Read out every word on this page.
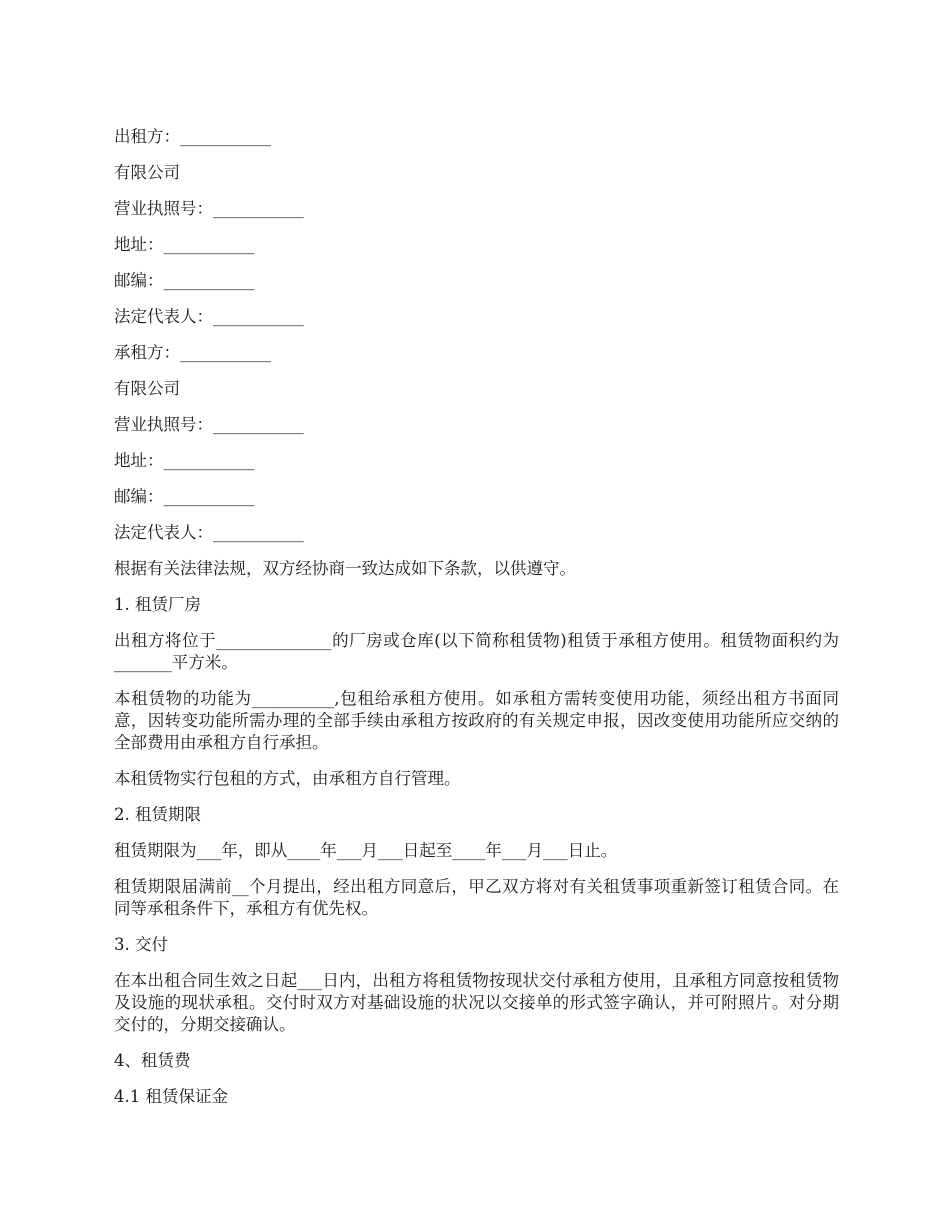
出租方：___________
有限公司
营业执照号：___________
地址：___________
邮编：___________
法定代表人：___________
承租方：___________
有限公司
营业执照号：___________
地址：___________
邮编：___________
法定代表人：___________
根据有关法律法规，双方经协商一致达成如下条款，以供遵守。
1. 租赁厂房
出租方将位于______________的厂房或仓库(以下简称租赁物)租赁于承租方使用。租赁物面积约为_______平方米。
本租赁物的功能为__________,包租给承租方使用。如承租方需转变使用功能，须经出租方书面同意，因转变功能所需办理的全部手续由承租方按政府的有关规定申报，因改变使用功能所应交纳的全部费用由承租方自行承担。
本租赁物实行包租的方式，由承租方自行管理。
2. 租赁期限
租赁期限为___年，即从____年___月___日起至____年___月___日止。
租赁期限届满前__个月提出，经出租方同意后，甲乙双方将对有关租赁事项重新签订租赁合同。在同等承租条件下，承租方有优先权。
3. 交付
在本出租合同生效之日起___日内，出租方将租赁物按现状交付承租方使用，且承租方同意按租赁物及设施的现状承租。交付时双方对基础设施的状况以交接单的形式签字确认，并可附照片。对分期交付的，分期交接确认。
4、租赁费
4.1 租赁保证金
